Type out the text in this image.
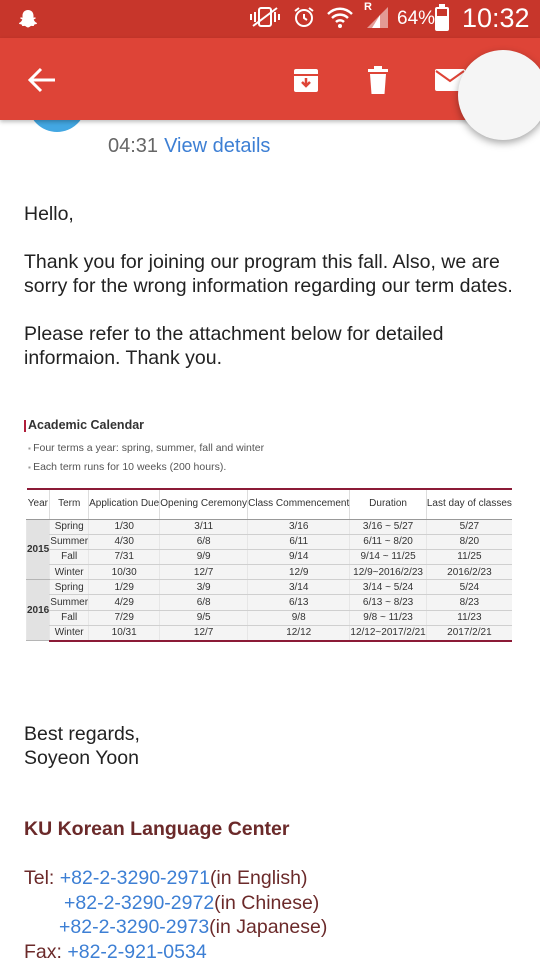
R
64% 10:32
04:31 View details

Hello,

Thank you for joining our program this fall. Also, we are sorry for the wrong information regarding our term dates.

Please refer to the attachment below for detailed informaion. Thank you.

Academic Calendar
▪ Four terms a year: spring, summer, fall and winter
▪ Each term runs for 10 weeks (200 hours).
Year	Term	Application Due	Opening Ceremony	Class Commencement	Duration	Last day of classes
2015	Spring	1/30	3/11	3/16	3/16 ~ 5/27	5/27
	Summer	4/30	6/8	6/11	6/11 ~ 8/20	8/20
	Fall	7/31	9/9	9/14	9/14 ~ 11/25	11/25
	Winter	10/30	12/7	12/9	12/9~2016/2/23	2016/2/23
2016	Spring	1/29	3/9	3/14	3/14 ~ 5/24	5/24
	Summer	4/29	6/8	6/13	6/13 ~ 8/23	8/23
	Fall	7/29	9/5	9/8	9/8 ~ 11/23	11/23
	Winter	10/31	12/7	12/12	12/12~2017/2/21	2017/2/21
Best regards,
Soyeon Yoon
KU Korean Language Center
Tel: +82-2-3290-2971(in English)
+82-2-3290-2972(in Chinese)
+82-2-3290-2973(in Japanese)
Fax: +82-2-921-0534
